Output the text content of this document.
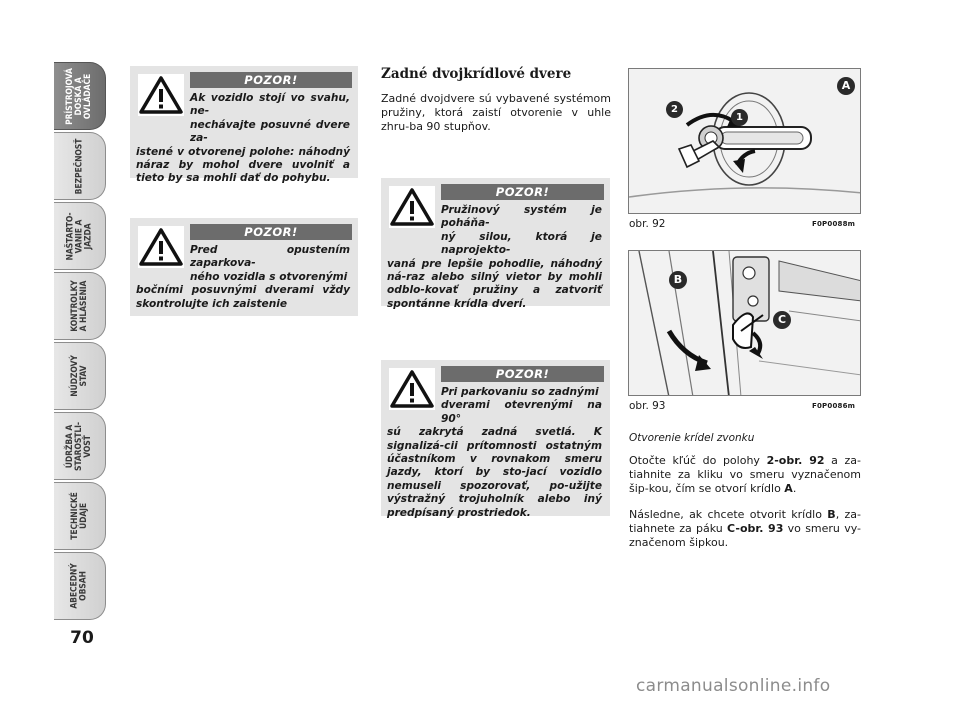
PRÍSTROJOVÁ
DOSKA A
OVLÁDAČE
BEZPEČNOSŤ
NAŠTARTO-
VANIE A
JAZDA
KONTROLKY
A HLÁSENIA
NÚDZOVÝ
STAV
ÚDRŽBA A
STAROSTLI-
VOSŤ
TECHNICKÉ
ÚDAJE
ABECEDNÝ
OBSAH
70
POZOR!
Ak vozidlo stojí vo svahu, ne-
nechávajte posuvné dvere za-
istené v otvorenej polohe: náhodný náraz by mohol dvere uvolniť a tieto by sa mohli dať do pohybu.
POZOR!
Pred opustením zaparkova-
ného vozidla s otvorenými
bočními posuvnými dverami vždy skontrolujte ich zaistenie
Zadné dvojkrídlové dvere
Zadné dvojdvere sú vybavené systémom pružiny, ktorá zaistí otvorenie v uhle zhru-ba 90 stupňov.
POZOR!
Pružinový systém je poháňa-
ný silou, ktorá je naprojekto-
vaná pre lepšie pohodlie, náhodný ná-raz alebo silný vietor by mohli odblo-kovať pružiny a zatvoriť spontánne krídla dverí.
POZOR!
Pri parkovaniu so zadnými
dverami otevrenými na 90°
sú zakrytá zadná svetlá. K signalizá-cii prítomnosti ostatným účastníkom v rovnakom smeru jazdy, ktorí by sto-jací vozidlo nemuseli spozorovať, po-užijte výstražný trojuholník alebo iný predpísaný prostriedok.
A
2
1
obr. 92	F0P0088m
B
C
obr. 93	F0P0086m
Otvorenie krídel zvonku
Otočte kľúč do polohy 2-obr. 92 a za-tiahnite za kliku vo smeru vyznačenom šip-kou, čím se otvorí krídlo A.
Následne, ak chcete otvorit krídlo B, za-tiahnete za páku C-obr. 93 vo smeru vy-značenom šipkou.
carmanualsonline.info
